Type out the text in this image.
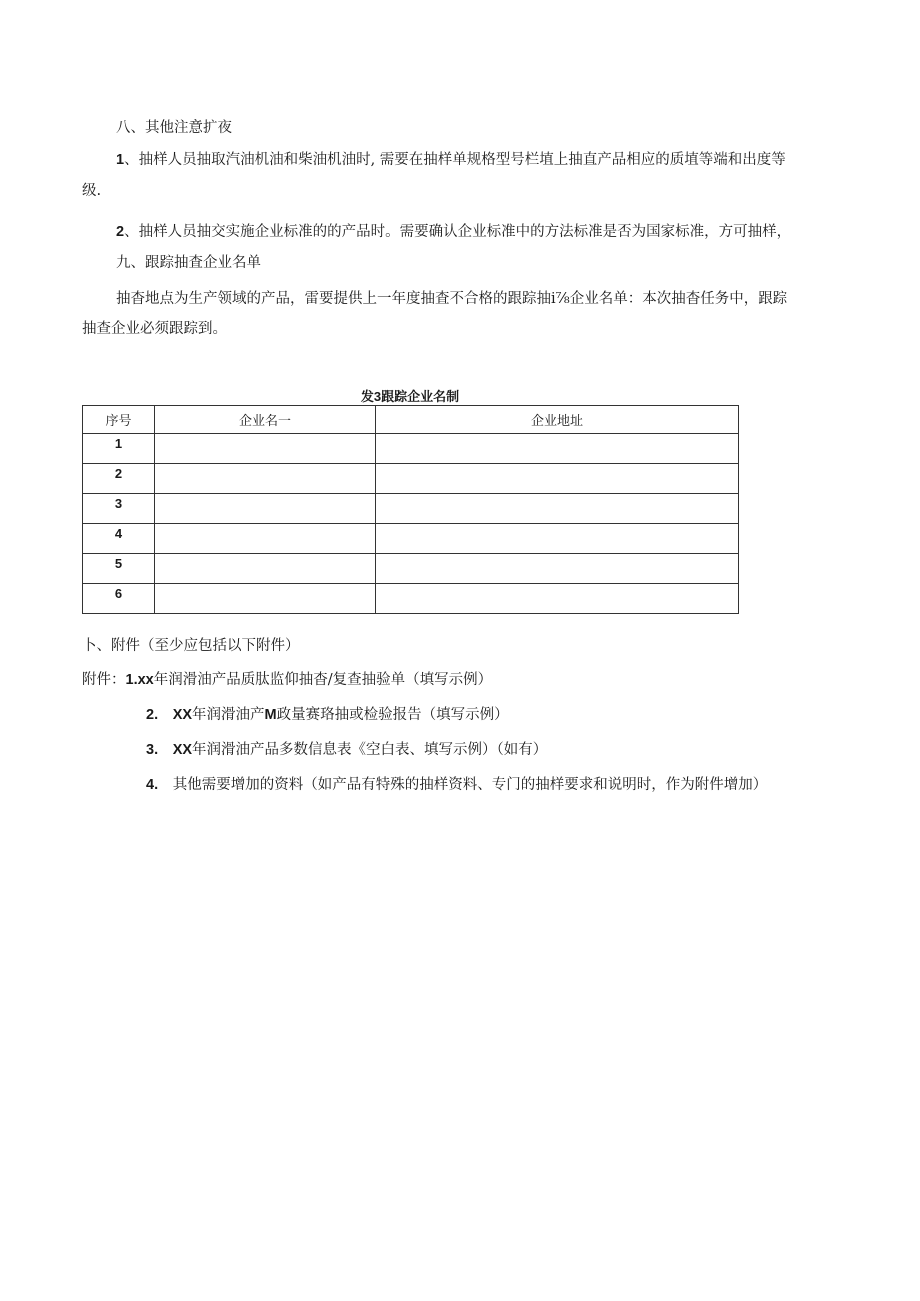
八、其他注意扩夜
1、抽样人员抽取汽油机油和柴油机油时, 需要在抽样单规格型号栏埴上抽直产品相应的质埴等端和出度等
级.
2、抽样人员抽交实施企业标准的的产品时。需要确认企业标准中的方法标准是否为国家标准，方可抽样，
九、跟踪抽査企业名单
抽杳地点为生产领域的产品，雷要提供上一年度抽査不合格的跟踪抽i⅞企业名单：本次抽杳任务中，跟踪
抽查企业必须跟踪到。
发3跟踪企业名制
序号	企业名一	企业地址
1		
2		
3		
4		
5		
6		
卜、附件（至少应包括以下附件）
附件：1.xx年润滑油产品质肽监仰抽杳/复查抽验单（填写示例）
2. XX年润滑油产M政量赛珞抽或检验报告（填写示例）
3. XX年润滑油产品多数信息表《空白表、填写示例）（如有）
4. 其他需要增加的资料（如产品有特殊的抽样资料、专门的抽样要求和说明时，作为附件增加）
